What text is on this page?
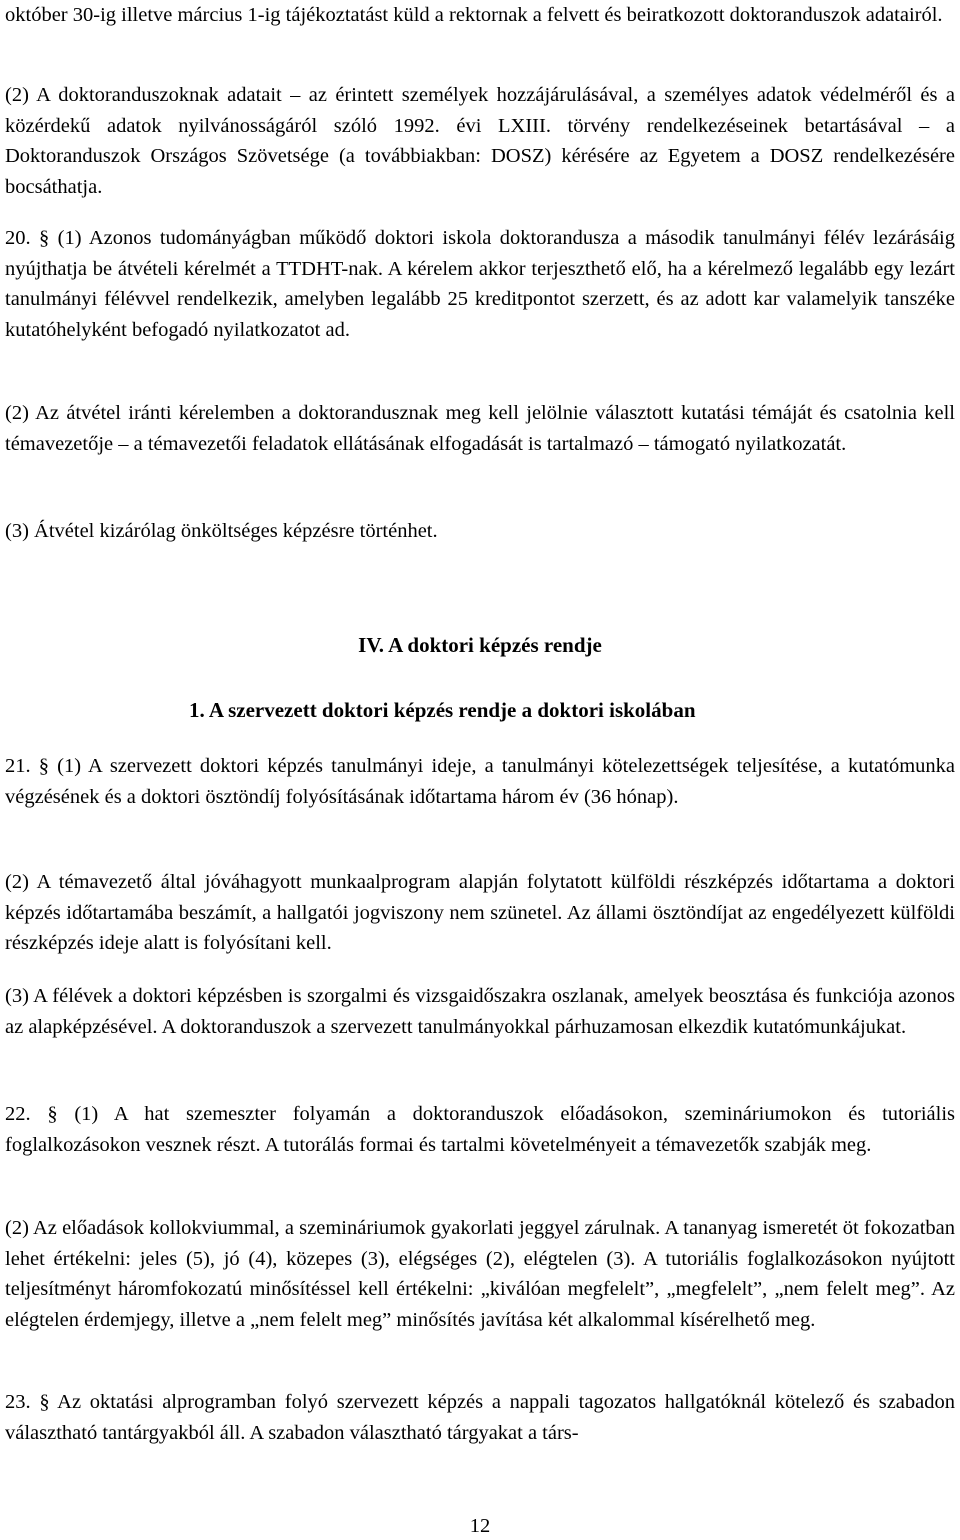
október 30-ig illetve március 1-ig tájékoztatást küld a rektornak a felvett és beiratkozott doktoranduszok adatairól.

(2) A doktoranduszoknak adatait – az érintett személyek hozzájárulásával, a személyes adatok védelméről és a közérdekű adatok nyilvánosságáról szóló 1992. évi LXIII. törvény rendelkezéseinek betartásával – a Doktoranduszok Országos Szövetsége (a továbbiakban: DOSZ) kérésére az Egyetem a DOSZ rendelkezésére bocsáthatja.

20. § (1) Azonos tudományágban működő doktori iskola doktorandusza a második tanulmányi félév lezárásáig nyújthatja be átvételi kérelmét a TTDHT-nak. A kérelem akkor terjeszthető elő, ha a kérelmező legalább egy lezárt tanulmányi félévvel rendelkezik, amelyben legalább 25 kreditpontot szerzett, és az adott kar valamelyik tanszéke kutatóhelyként befogadó nyilatkozatot ad.

(2) Az átvétel iránti kérelemben a doktorandusznak meg kell jelölnie választott kutatási témáját és csatolnia kell témavezetője – a témavezetői feladatok ellátásának elfogadását is tartalmazó – támogató nyilatkozatát.

(3) Átvétel kizárólag önköltséges képzésre történhet.

IV. A doktori képzés rendje

1. A szervezett doktori képzés rendje a doktori iskolában

21. § (1) A szervezett doktori képzés tanulmányi ideje, a tanulmányi kötelezettségek teljesítése, a kutatómunka végzésének és a doktori ösztöndíj folyósításának időtartama három év (36 hónap).

(2) A témavezető által jóváhagyott munkaalprogram alapján folytatott külföldi részképzés időtartama a doktori képzés időtartamába beszámít, a hallgatói jogviszony nem szünetel. Az állami ösztöndíjat az engedélyezett külföldi részképzés ideje alatt is folyósítani kell.

(3) A félévek a doktori képzésben is szorgalmi és vizsgaidőszakra oszlanak, amelyek beosztása és funkciója azonos az alapképzésével. A doktoranduszok a szervezett tanulmányokkal párhuzamosan elkezdik kutatómunkájukat.

22. § (1) A hat szemeszter folyamán a doktoranduszok előadásokon, szemináriumokon és tutoriális foglalkozásokon vesznek részt. A tutorálás formai és tartalmi követelményeit a témavezetők szabják meg.

(2) Az előadások kollokviummal, a szemináriumok gyakorlati jeggyel zárulnak. A tananyag ismeretét öt fokozatban lehet értékelni: jeles (5), jó (4), közepes (3), elégséges (2), elégtelen (3). A tutoriális foglalkozásokon nyújtott teljesítményt háromfokozatú minősítéssel kell értékelni: „kiválóan megfelelt”, „megfelelt”, „nem felelt meg”. Az elégtelen érdemjegy, illetve a „nem felelt meg” minősítés javítása két alkalommal kísérelhető meg.

23. § Az oktatási alprogramban folyó szervezett képzés a nappali tagozatos hallgatóknál kötelező és szabadon választható tantárgyakból áll. A szabadon választható tárgyakat a társ-

12
